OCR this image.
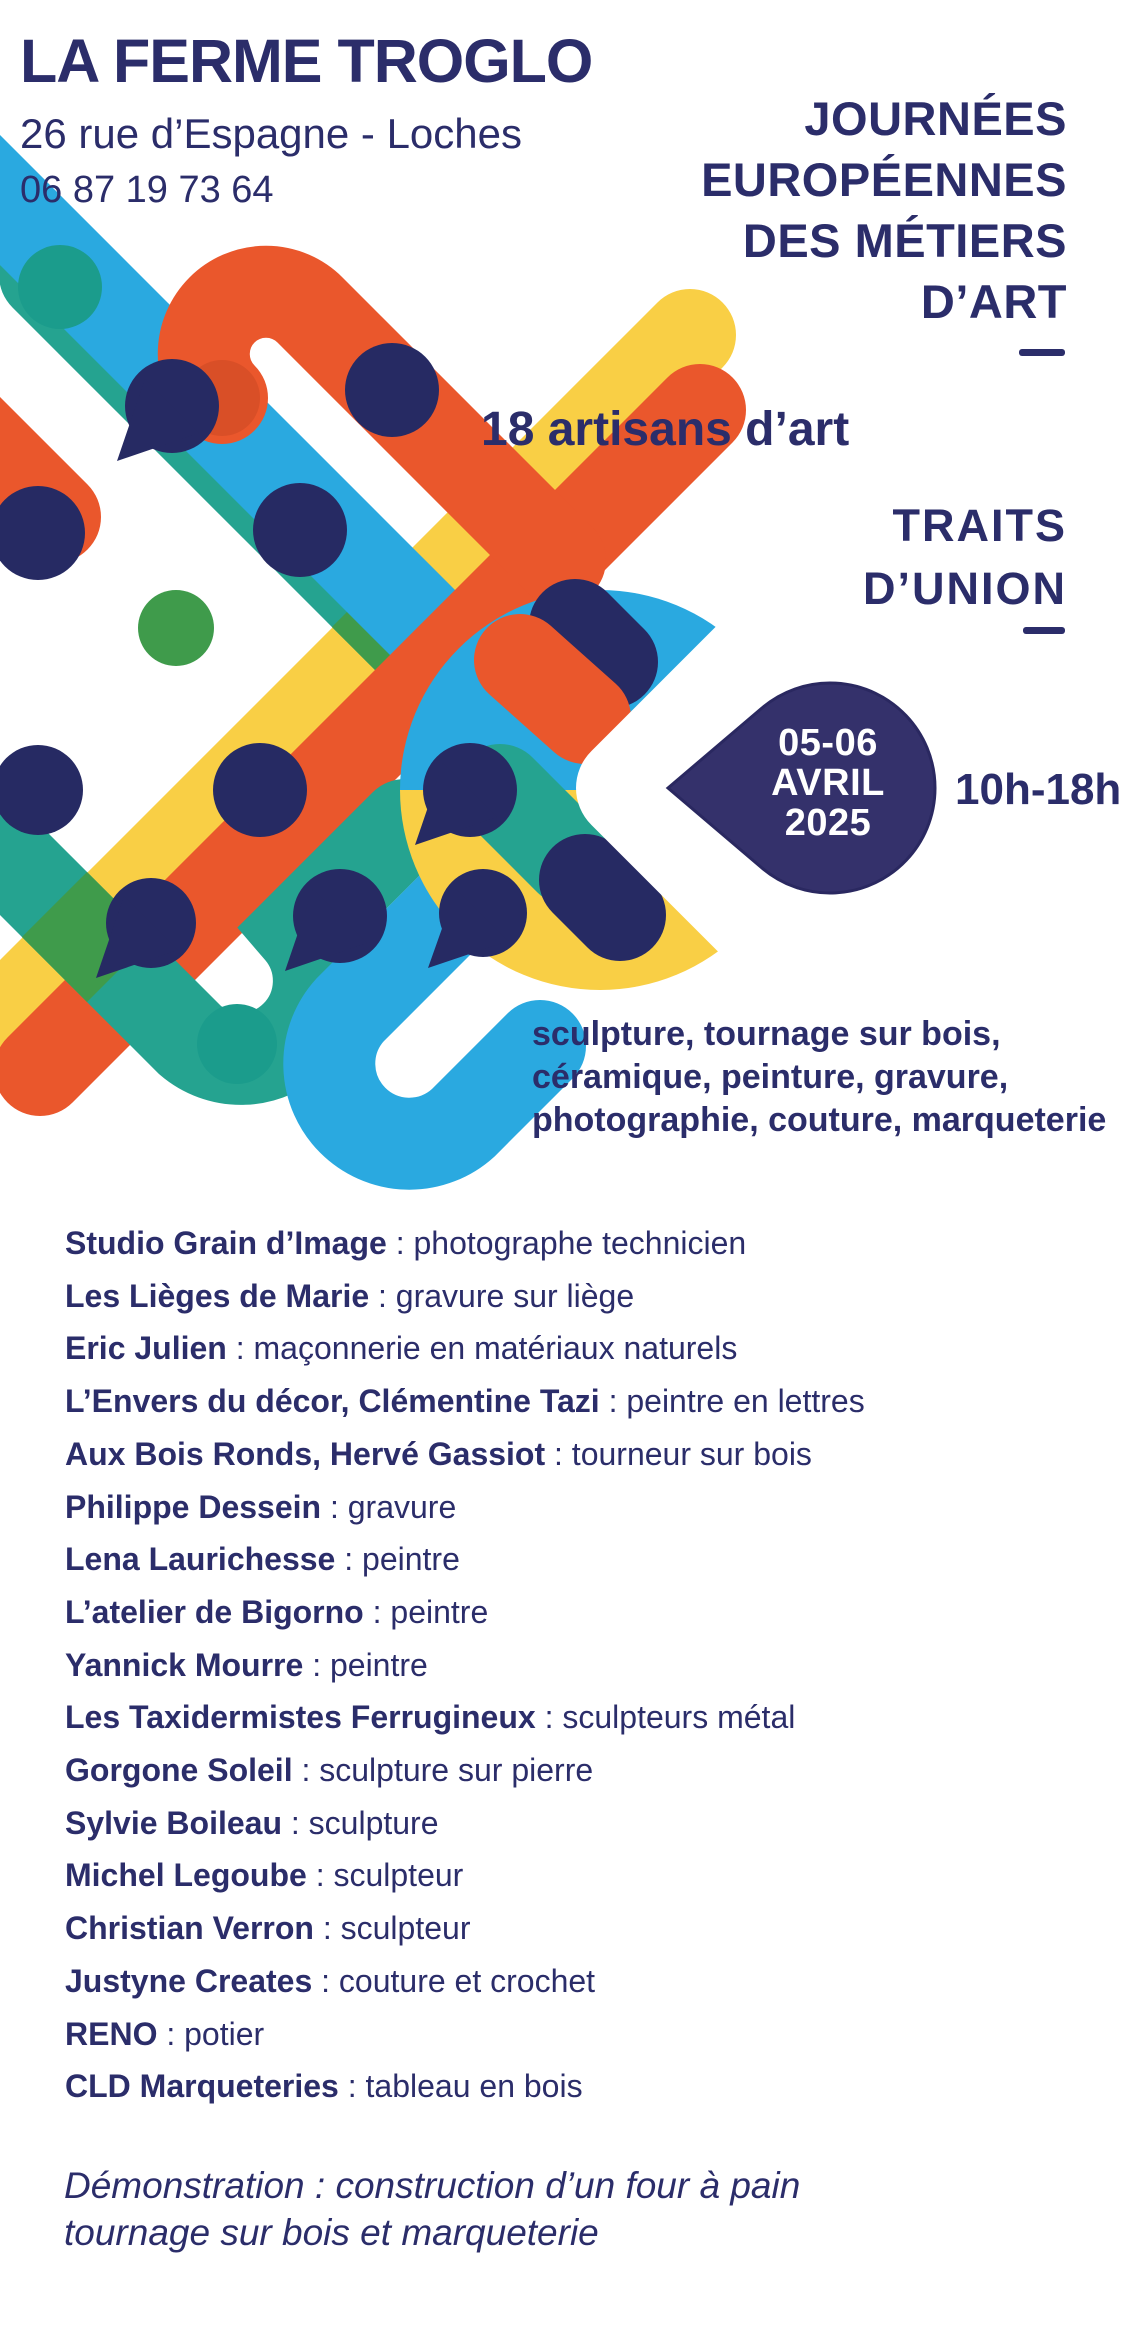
LA FERME TROGLO
26 rue d’Espagne - Loches
06 87 19 73 64
JOURNÉES
EUROPÉENNES
DES MÉTIERS
D’ART
18 artisans d’art
TRAITS
D’UNION
05-06
AVRIL
2025
10h-18h
sculpture, tournage sur bois,
céramique, peinture, gravure,
photographie, couture, marqueterie
Studio Grain d’Image : photographe technicien
Les Lièges de Marie : gravure sur liège
Eric Julien : maçonnerie en matériaux naturels
L’Envers du décor, Clémentine Tazi : peintre en lettres
Aux Bois Ronds, Hervé Gassiot : tourneur sur bois
Philippe Dessein : gravure
Lena Laurichesse : peintre
L’atelier de Bigorno : peintre
Yannick Mourre : peintre
Les Taxidermistes Ferrugineux : sculpteurs métal
Gorgone Soleil : sculpture sur pierre
Sylvie Boileau : sculpture
Michel Legoube : sculpteur
Christian Verron : sculpteur
Justyne Creates : couture et crochet
RENO : potier
CLD Marqueteries : tableau en bois
Démonstration : construction d’un four à pain
tournage sur bois et marqueterie
